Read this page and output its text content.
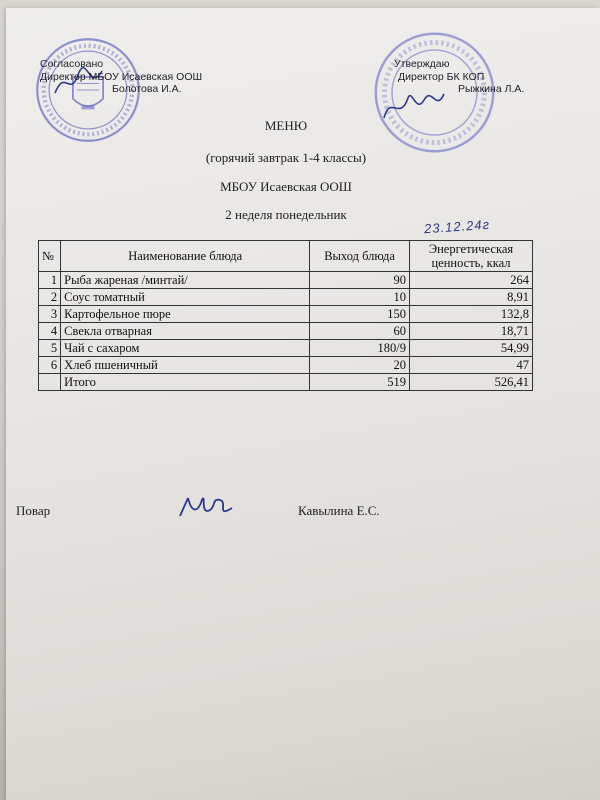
Согласовано
Директор МБОУ Исаевская ООШ
Болотова И.А.
Утверждаю
Директор БК КОП
Рыжкина Л.А.
МЕНЮ
(горячий завтрак 1-4 классы)
МБОУ Исаевская ООШ
2 неделя понедельник
23.12.24г
№	Наименование блюда	Выход блюда	Энергетическая
ценность, ккал

1	Рыба жареная /минтай/	90	264
2	Соус томатный	10	8,91
3	Картофельное пюре	150	132,8
4	Свекла отварная	60	18,71
5	Чай с сахаром	180/9	54,99
6	Хлеб пшеничный	20	47
	Итого	519	526,41
Повар	Кавылина Е.С.
